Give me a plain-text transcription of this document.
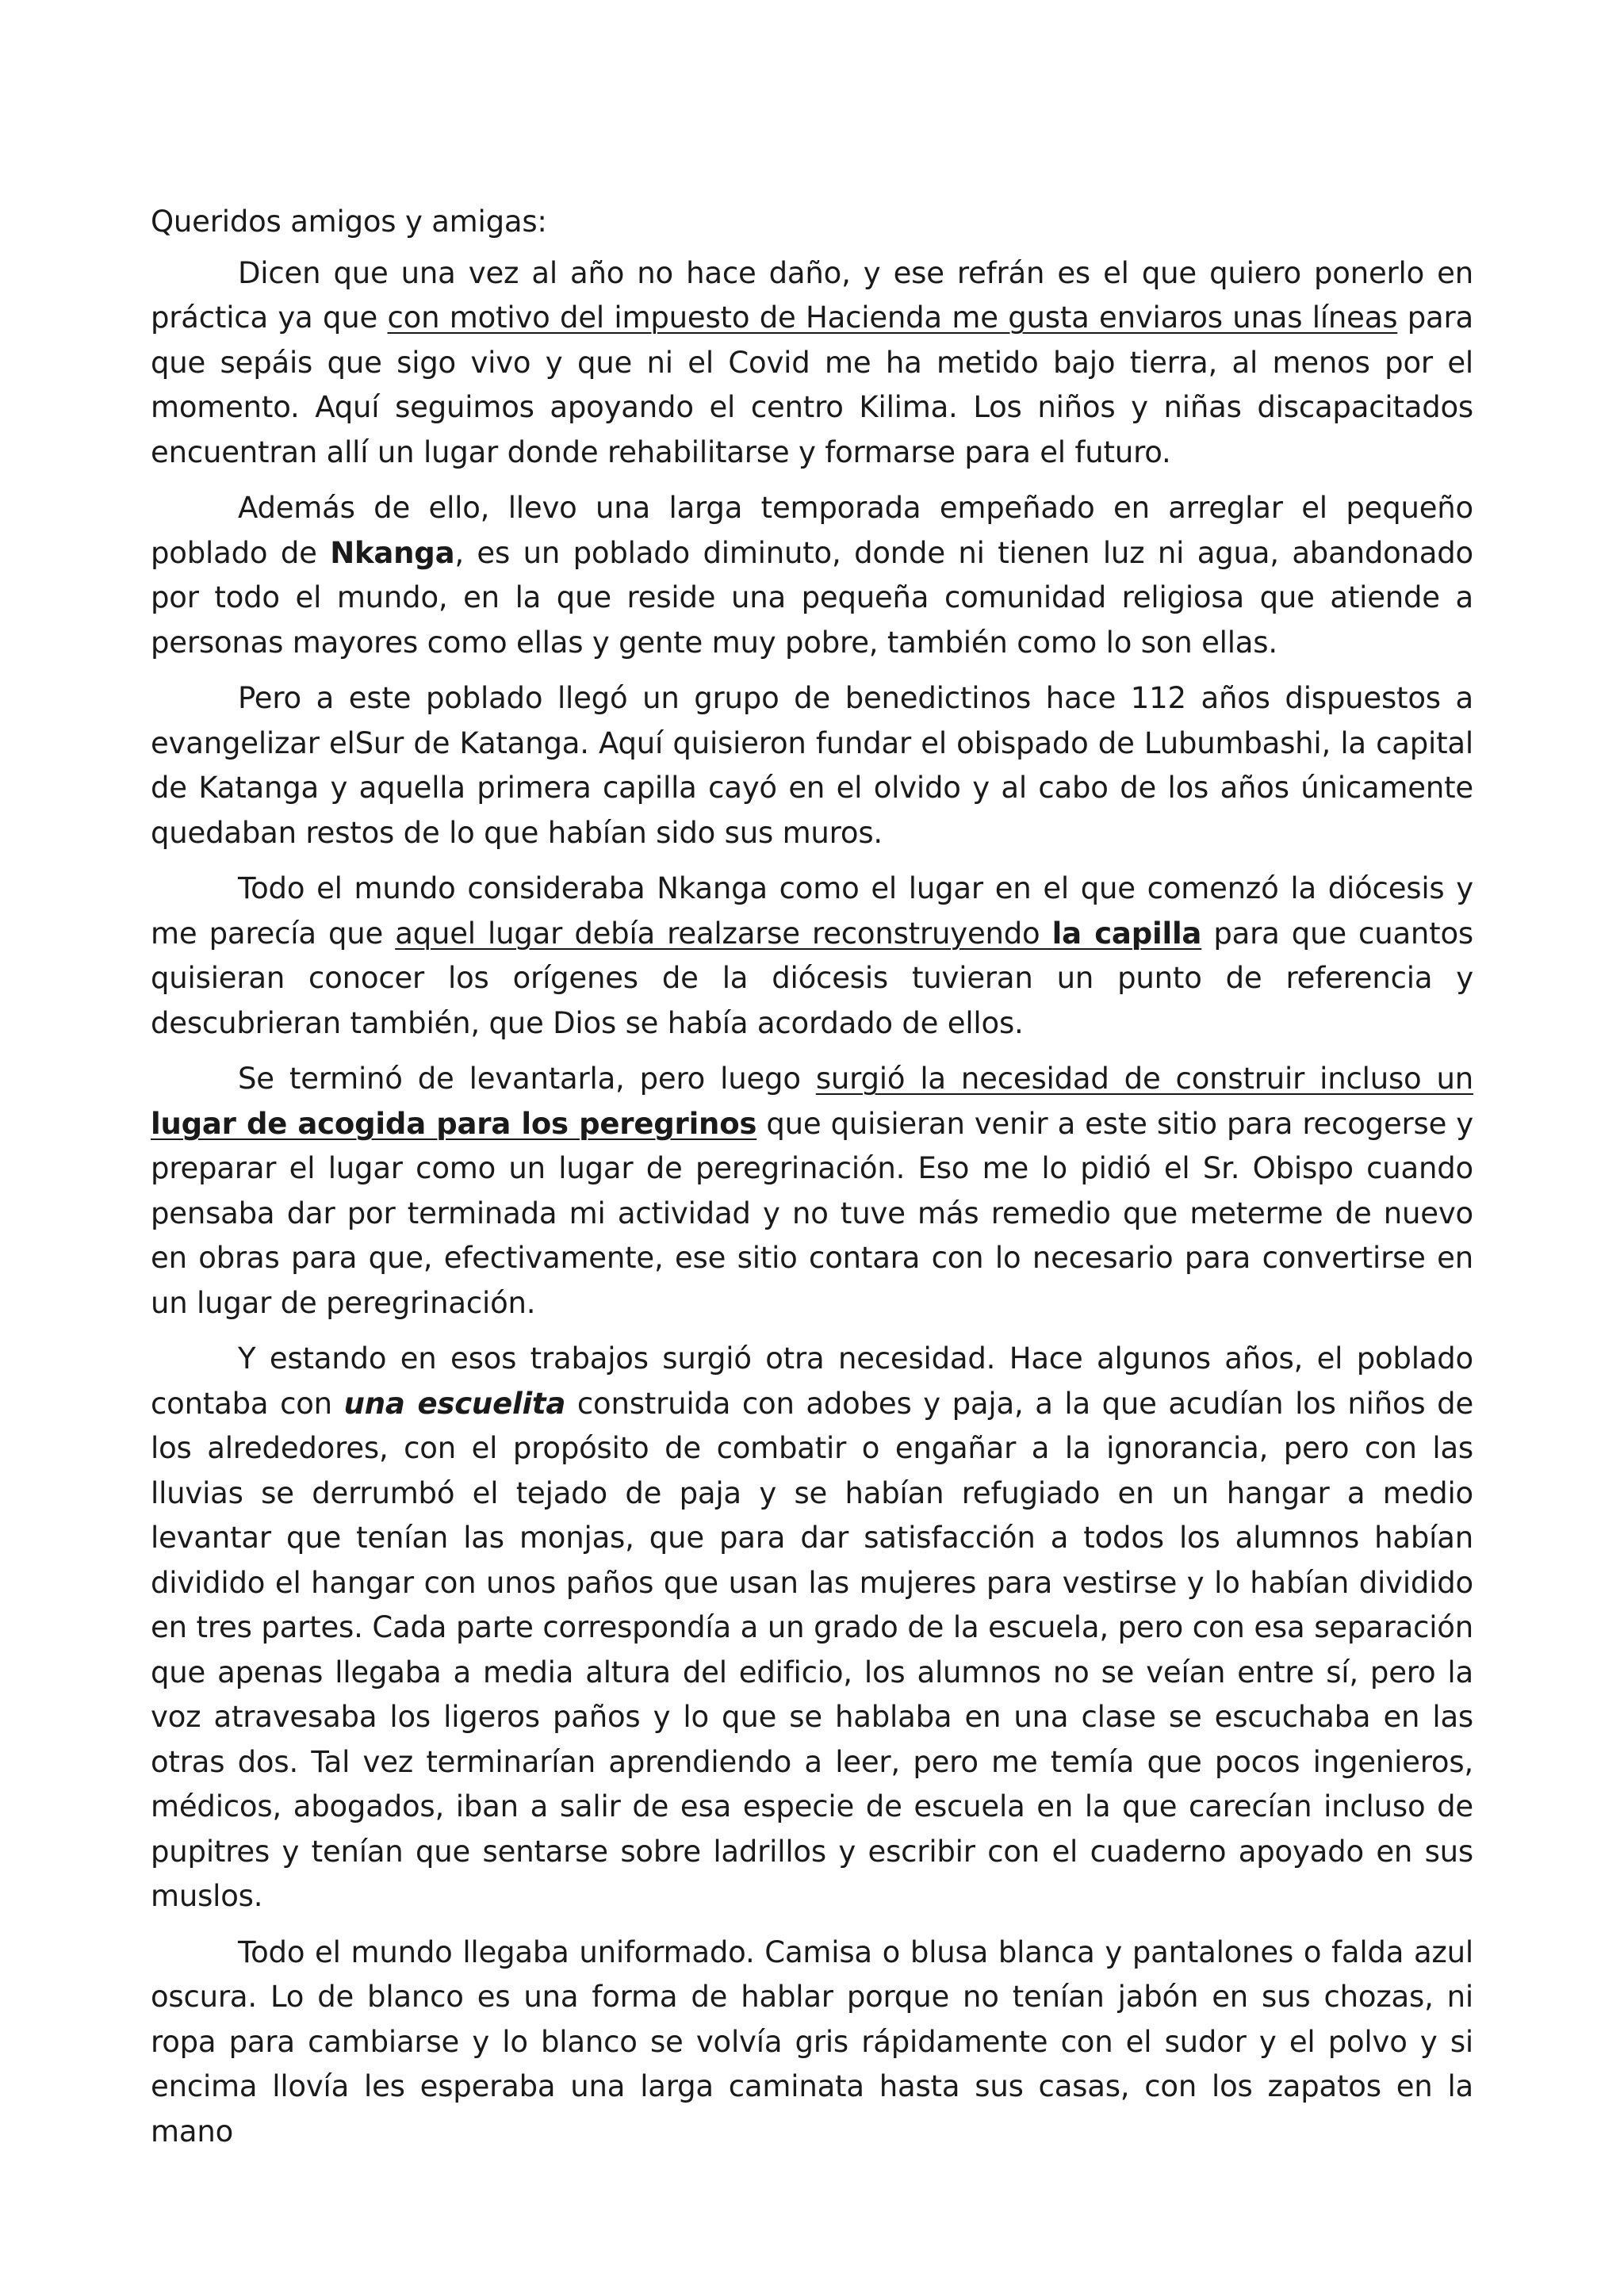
Queridos amigos y amigas:

Dicen que una vez al año no hace daño, y ese refrán es el que quiero ponerlo en práctica ya que con motivo del impuesto de Hacienda me gusta enviaros unas líneas para que sepáis que sigo vivo y que ni el Covid me ha metido bajo tierra, al menos por el momento. Aquí seguimos apoyando el centro Kilima. Los niños y niñas discapacitados encuentran allí un lugar donde rehabilitarse y formarse para el futuro.

Además de ello, llevo una larga temporada empeñado en arreglar el pequeño poblado de Nkanga, es un poblado diminuto, donde ni tienen luz ni agua, abandonado por todo el mundo, en la que reside una pequeña comunidad religiosa que atiende a personas mayores como ellas y gente muy pobre, también como lo son ellas.

Pero a este poblado llegó un grupo de benedictinos hace 112 años dispuestos a evangelizar elSur de Katanga. Aquí quisieron fundar el obispado de Lubumbashi, la capital de Katanga y aquella primera capilla cayó en el olvido y al cabo de los años únicamente quedaban restos de lo que habían sido sus muros.

Todo el mundo consideraba Nkanga como el lugar en el que comenzó la diócesis y me parecía que aquel lugar debía realzarse reconstruyendo la capilla para que cuantos quisieran conocer los orígenes de la diócesis tuvieran un punto de referencia y descubrieran también, que Dios se había acordado de ellos.

Se terminó de levantarla, pero luego surgió la necesidad de construir incluso un lugar de acogida para los peregrinos que quisieran venir a este sitio para recogerse y preparar el lugar como un lugar de peregrinación. Eso me lo pidió el Sr. Obispo cuando pensaba dar por terminada mi actividad y no tuve más remedio que meterme de nuevo en obras para que, efectivamente, ese sitio contara con lo necesario para convertirse en un lugar de peregrinación.

Y estando en esos trabajos surgió otra necesidad. Hace algunos años, el poblado contaba con una escuelita construida con adobes y paja, a la que acudían los niños de los alrededores, con el propósito de combatir o engañar a la ignorancia, pero con las lluvias se derrumbó el tejado de paja y se habían refugiado en un hangar a medio levantar que tenían las monjas, que para dar satisfacción a todos los alumnos habían dividido el hangar con unos paños que usan las mujeres para vestirse y lo habían dividido en tres partes. Cada parte correspondía a un grado de la escuela, pero con esa separación que apenas llegaba a media altura del edificio, los alumnos no se veían entre sí, pero la voz atravesaba los ligeros paños y lo que se hablaba en una clase se escuchaba en las otras dos. Tal vez terminarían aprendiendo a leer, pero me temía que pocos ingenieros, médicos, abogados, iban a salir de esa especie de escuela en la que carecían incluso de pupitres y tenían que sentarse sobre ladrillos y escribir con el cuaderno apoyado en sus muslos.

Todo el mundo llegaba uniformado. Camisa o blusa blanca y pantalones o falda azul oscura. Lo de blanco es una forma de hablar porque no tenían jabón en sus chozas, ni ropa para cambiarse y lo blanco se volvía gris rápidamente con el sudor y el polvo y si encima llovía les esperaba una larga caminata hasta sus casas, con los zapatos en la mano
